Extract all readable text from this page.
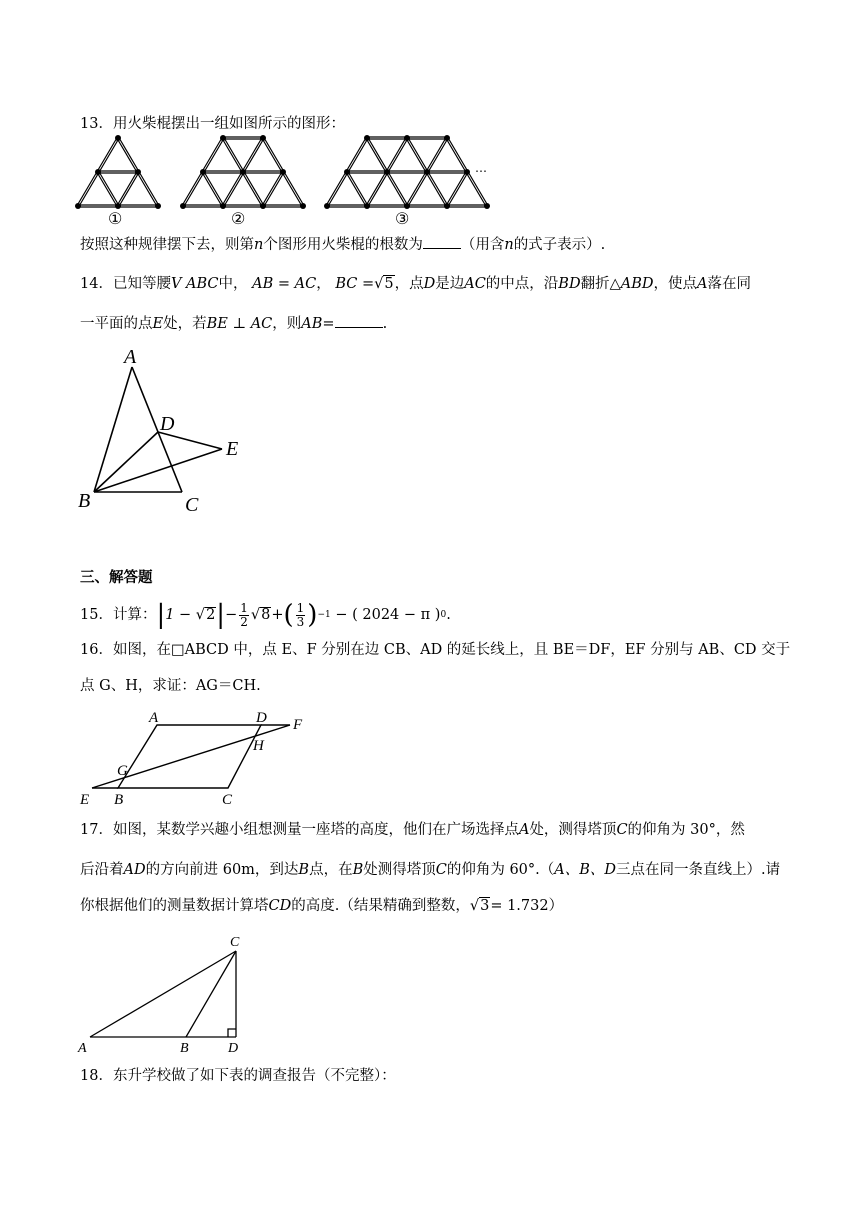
13．用火柴棍摆出一组如图所示的图形：
①	②	③
…
按照这种规律摆下去，则第n个图形用火柴棍的根数为	（用含n的式子表示）.
14．已知等腰V ABC中， AB = AC， BC =√5，点D是边AC的中点，沿BD翻折△ABD，使点A落在同
一平面的点E处，若BE ⊥ AC，则AB=	.
A
D
E
B	C
三、解答题
15．计算： | 1 − √ 2 | − $\frac{1}{2}$ √ 8 + ( $\frac{1}{3}$ ) −1
−
( 2024 − π ) 0 .
16．如图，在□ABCD 中，点 E、F 分别在边 CB、AD 的延长线上，且 BE＝DF，EF 分别与 AB、CD 交于
点 G、H，求证：AG＝CH.
A	D F
H
G
E B	C
17．如图，某数学兴趣小组想测量一座塔的高度，他们在广场选择点A处，测得塔顶C的仰角为 30°，然
后沿着AD的方向前进 60m，到达B点，在B处测得塔顶C的仰角为 60°.（A、B、D三点在同一条直线上）.请
你根据他们的测量数据计算塔CD的高度.（结果精确到整数，√3= 1.732）
C
A	B	D
18．东升学校做了如下表的调查报告（不完整）：
